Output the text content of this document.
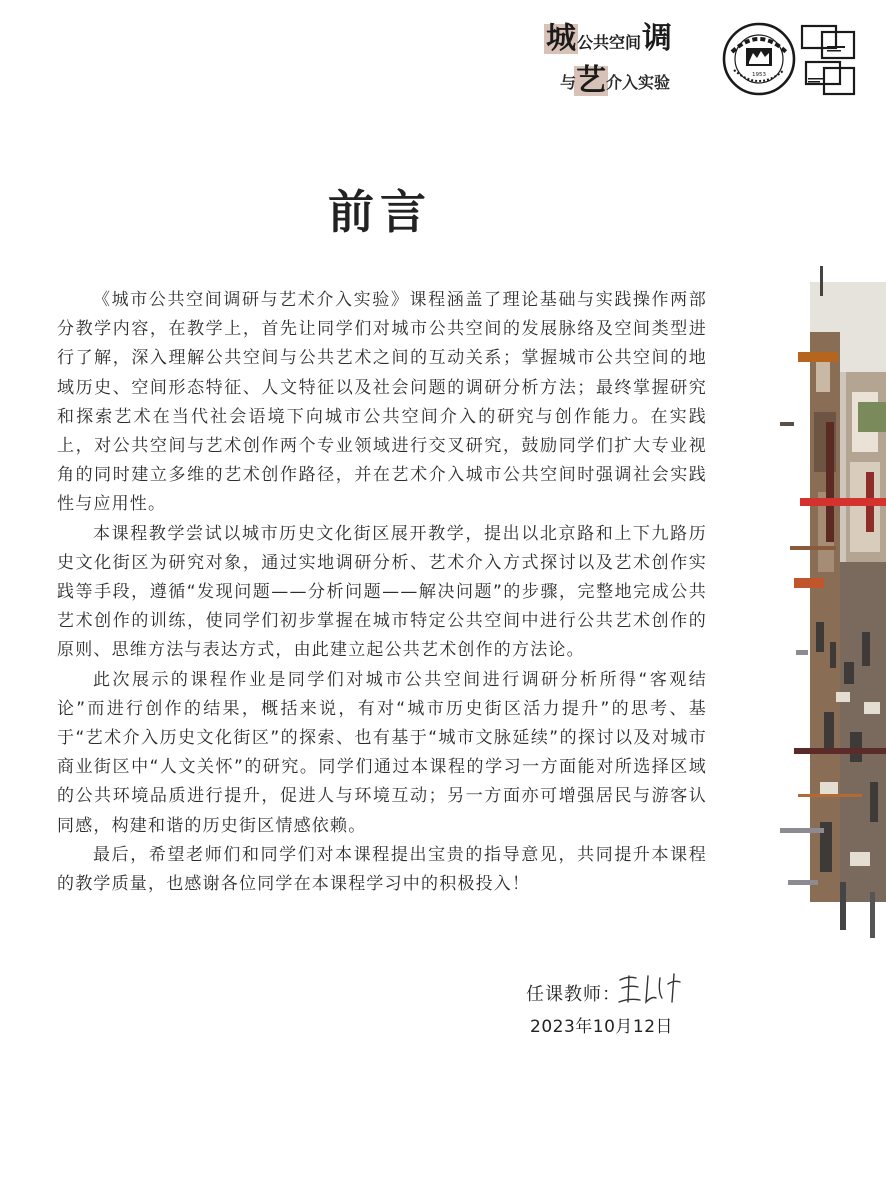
城 公共空间 调
与 艺 介入实验	1953
前言

《城市公共空间调研与艺术介入实验》课程涵盖了理论基础与实践操作两部分教学内容，在教学上，首先让同学们对城市公共空间的发展脉络及空间类型进行了解，深入理解公共空间与公共艺术之间的互动关系；掌握城市公共空间的地域历史、空间形态特征、人文特征以及社会问题的调研分析方法；最终掌握研究和探索艺术在当代社会语境下向城市公共空间介入的研究与创作能力。在实践上，对公共空间与艺术创作两个专业领域进行交叉研究，鼓励同学们扩大专业视角的同时建立多维的艺术创作路径，并在艺术介入城市公共空间时强调社会实践性与应用性。

本课程教学尝试以城市历史文化街区展开教学，提出以北京路和上下九路历史文化街区为研究对象，通过实地调研分析、艺术介入方式探讨以及艺术创作实践等手段，遵循“发现问题——分析问题——解决问题”的步骤，完整地完成公共艺术创作的训练，使同学们初步掌握在城市特定公共空间中进行公共艺术创作的原则、思维方法与表达方式，由此建立起公共艺术创作的方法论。

此次展示的课程作业是同学们对城市公共空间进行调研分析所得“客观结论”而进行创作的结果，概括来说，有对“城市历史街区活力提升”的思考、基于“艺术介入历史文化街区”的探索、也有基于“城市文脉延续”的探讨以及对城市商业街区中“人文关怀”的研究。同学们通过本课程的学习一方面能对所选择区域的公共环境品质进行提升，促进人与环境互动；另一方面亦可增强居民与游客认同感，构建和谐的历史街区情感依赖。

最后，希望老师们和同学们对本课程提出宝贵的指导意见，共同提升本课程的教学质量，也感谢各位同学在本课程学习中的积极投入！

任课教师：
2023年10月12日
